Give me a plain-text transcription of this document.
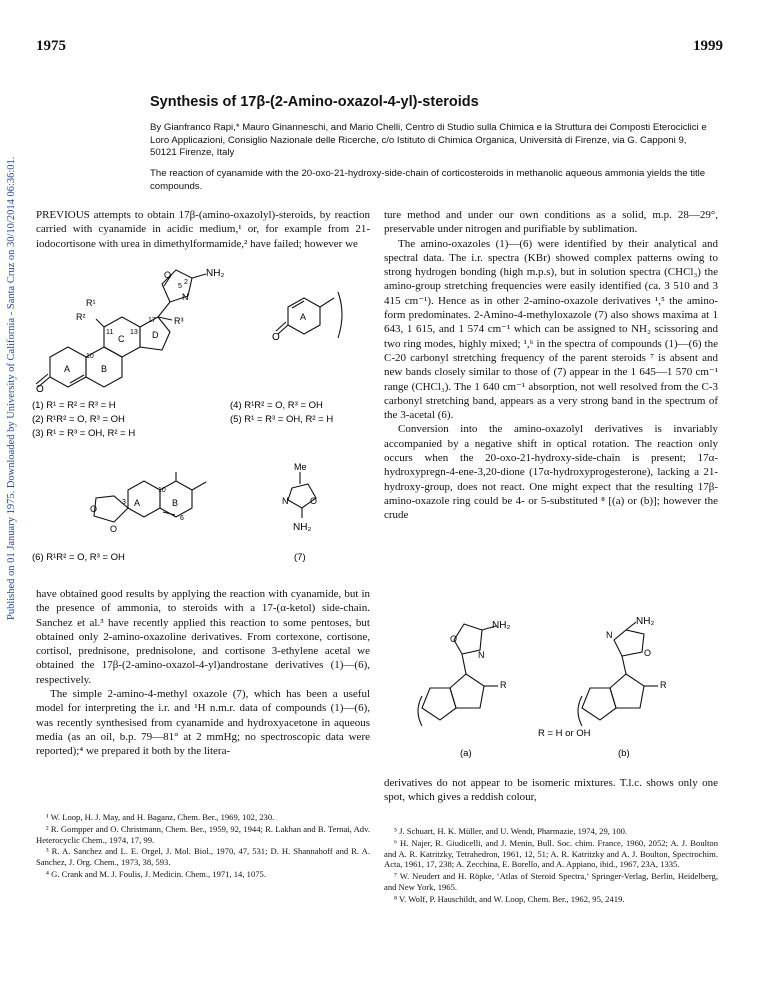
Published on 01 January 1975. Downloaded by University of California - Santa Cruz on 30/10/2014 06:36:01.
1975	1999
Synthesis of 17β-(2-Amino-oxazol-4-yl)-steroids
By Gianfranco Rapi,* Mauro Ginanneschi, and Mario Chelli, Centro di Studio sulla Chimica e la Struttura dei Composti Eterociclici e Loro Applicazioni, Consiglio Nazionale delle Ricerche, c/o Istituto di Chimica Organica, Università di Firenze, via G. Capponi 9, 50121 Firenze, Italy
The reaction of cyanamide with the 20-oxo-21-hydroxy-side-chain of corticosteroids in methanolic aqueous ammonia yields the title compounds.

PREVIOUS attempts to obtain 17β-(amino-oxazolyl)-steroids, by reaction carried with cyanamide in acidic medium,¹ or, for example from 21-iodocortisone with urea in dimethylformamide,² have failed; however we

O
A	B
C	D
10
11 13
17
R¹
R²	R³
O
5
2
N
NH₂
O
A
(1) R¹ = R² = R³ = H
(2) R¹R² = O, R³ = OH
(3) R¹ = R³ = OH, R² = H
(4) R¹R² = O, R³ = OH
(5) R¹ = R³ = OH, R² = H
O
O
A	B
10
3
6
Me
N O
NH₂
(6) R¹R² = O, R³ = OH	(7)

have obtained good results by applying the reaction with cyanamide, but in the presence of ammonia, to steroids with a 17-(α-ketol) side-chain. Sanchez et al.³ have recently applied this reaction to some pentoses, but obtained only 2-amino-oxazoline derivatives. From cortexone, cortisone, cortisol, prednisone, prednisolone, and cortisone 3-ethylene acetal we obtained the 17β-(2-amino-oxazol-4-yl)androstane derivatives (1)—(6), respectively.

The simple 2-amino-4-methyl oxazole (7), which has been a useful model for interpreting the i.r. and ¹H n.m.r. data of compounds (1)—(6), was recently synthesised from cyanamide and hydroxyacetone in aqueous media (as an oil, b.p. 79—81° at 2 mmHg; no spectroscopic data were reported);⁴ we prepared it both by the litera-

¹ W. Loop, H. J. May, and H. Baganz, Chem. Ber., 1969, 102, 230.

² R. Gompper and O. Christmann, Chem. Ber., 1959, 92, 1944; R. Lakhan and B. Ternai, Adv. Heterocyclic Chem., 1974, 17, 99.

³ R. A. Sanchez and L. E. Orgel, J. Mol. Biol., 1970, 47, 531; D. H. Shannahoff and R. A. Sanchez, J. Org. Chem., 1973, 38, 593.

⁴ G. Crank and M. J. Foulis, J. Medicin. Chem., 1971, 14, 1075.

ture method and under our own conditions as a solid, m.p. 28—29°, preservable under nitrogen and purifiable by sublimation.

The amino-oxazoles (1)—(6) were identified by their analytical and spectral data. The i.r. spectra (KBr) showed complex patterns owing to strong hydrogen bonding (high m.p.s), but in solution spectra (CHCl₃) the amino-group stretching frequencies were easily identified (ca. 3 510 and 3 415 cm⁻¹). Hence as in other 2-amino-oxazole derivatives ¹,⁵ the amino-form predominates. 2-Amino-4-methyloxazole (7) also shows maxima at 1 643, 1 615, and 1 574 cm⁻¹ which can be assigned to NH₂ scissoring and two ring modes, highly mixed; ¹,⁶ in the spectra of compounds (1)—(6) the C-20 carbonyl stretching frequency of the parent steroids ⁷ is absent and new bands closely similar to those of (7) appear in the 1 645—1 570 cm⁻¹ range (CHCl₃). The 1 640 cm⁻¹ absorption, not well resolved from the C-3 carbonyl stretching band, appears as a very strong band in the spectrum of the 3-acetal (6).

Conversion into the amino-oxazolyl derivatives is invariably accompanied by a negative shift in optical rotation. The reaction only occurs when the 20-oxo-21-hydroxy-side-chain is present; 17α-hydroxypregn-4-ene-3,20-dione (17α-hydroxyprogesterone), lacking a 21-hydroxy-group, does not react. One might expect that the resulting 17β-amino-oxazole ring could be 4- or 5-substituted ⁸ [(a) or (b)]; however the crude

O
N
NH₂
R
N
O
NH₂
R
R = H or OH
(a)	(b)

derivatives do not appear to be isomeric mixtures. T.l.c. shows only one spot, which gives a reddish colour,

⁵ J. Schuart, H. K. Müller, and U. Wendt, Pharmazie, 1974, 29, 100.

⁶ H. Najer, R. Giudicelli, and J. Menin, Bull. Soc. chim. France, 1960, 2052; A. J. Boulton and A. R. Katritzky, Tetrahedron, 1961, 12, 51; A. R. Katritzky and A. J. Boulton, Spectrochim. Acta, 1961, 17, 238; A. Zecchina, E. Borello, and A. Appiano, ibid., 1967, 23A, 1335.

⁷ W. Neudert and H. Röpke, ‘Atlas of Steroid Spectra,’ Springer-Verlag, Berlin, Heidelberg, and New York, 1965.

⁸ V. Wolf, P. Hauschildt, and W. Loop, Chem. Ber., 1962, 95, 2419.
